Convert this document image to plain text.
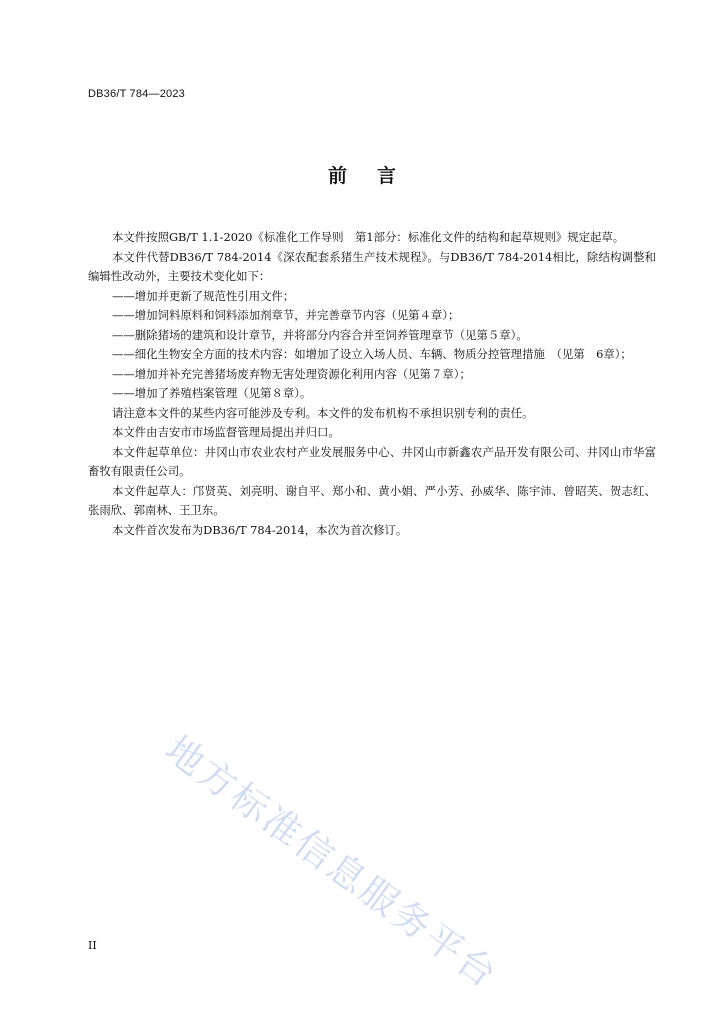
DB36/T 784—2023
前 言

本文件按照GB/T 1.1-2020《标准化工作导则　第1部分：标准化文件的结构和起草规则》规定起草。

本文件代替DB36/T 784-2014《深农配套系猪生产技术规程》。与DB36/T 784-2014相比，除结构调整和编辑性改动外，主要技术变化如下：

——增加并更新了规范性引用文件；

——增加饲料原料和饲料添加剂章节，并完善章节内容（见第４章）；

——删除猪场的建筑和设计章节，并将部分内容合并至饲养管理章节（见第５章）。

——细化生物安全方面的技术内容：如增加了设立入场人员、车辆、物质分控管理措施　（见第　6章）；

——增加并补充完善猪场废弃物无害处理资源化利用内容（见第７章）；

——增加了养殖档案管理（见第８章）。

请注意本文件的某些内容可能涉及专利。本文件的发布机构不承担识别专利的责任。

本文件由吉安市市场监督管理局提出并归口。

本文件起草单位：井冈山市农业农村产业发展服务中心、井冈山市新鑫农产品开发有限公司、井冈山市华富畜牧有限责任公司。

本文件起草人：邝贤英、刘亮明、谢自平、郑小和、黄小娟、严小芳、孙威华、陈宇沛、曾昭芙、贺志红、张雨欣、郭南林、王卫东。

本文件首次发布为DB36/T 784-2014，本次为首次修订。

地方标准信息服务平台
II
